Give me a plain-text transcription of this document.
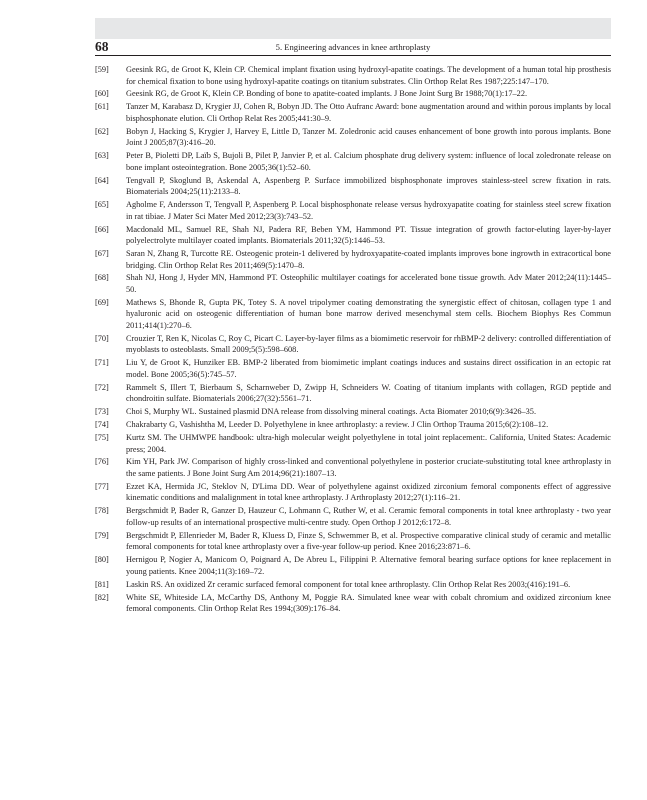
68	5. Engineering advances in knee arthroplasty
[59] Geesink RG, de Groot K, Klein CP. Chemical implant fixation using hydroxyl-apatite coatings. The development of a human total hip prosthesis for chemical fixation to bone using hydroxyl-apatite coatings on titanium substrates. Clin Orthop Relat Res 1987;225:147–170.
[60] Geesink RG, de Groot K, Klein CP. Bonding of bone to apatite-coated implants. J Bone Joint Surg Br 1988;70(1):17–22.
[61] Tanzer M, Karabasz D, Krygier JJ, Cohen R, Bobyn JD. The Otto Aufranc Award: bone augmentation around and within porous implants by local bisphosphonate elution. Cli Orthop Relat Res 2005;441:30–9.
[62] Bobyn J, Hacking S, Krygier J, Harvey E, Little D, Tanzer M. Zoledronic acid causes enhancement of bone growth into porous implants. Bone Joint J 2005;87(3):416–20.
[63] Peter B, Pioletti DP, Laïb S, Bujoli B, Pilet P, Janvier P, et al. Calcium phosphate drug delivery system: influence of local zoledronate release on bone implant osteointegration. Bone 2005;36(1):52–60.
[64] Tengvall P, Skoglund B, Askendal A, Aspenberg P. Surface immobilized bisphosphonate improves stainless-steel screw fixation in rats. Biomaterials 2004;25(11):2133–8.
[65] Agholme F, Andersson T, Tengvall P, Aspenberg P. Local bisphosphonate release versus hydroxyapatite coating for stainless steel screw fixation in rat tibiae. J Mater Sci Mater Med 2012;23(3):743–52.
[66] Macdonald ML, Samuel RE, Shah NJ, Padera RF, Beben YM, Hammond PT. Tissue integration of growth factor-eluting layer-by-layer polyelectrolyte multilayer coated implants. Biomaterials 2011;32(5):1446–53.
[67] Saran N, Zhang R, Turcotte RE. Osteogenic protein-1 delivered by hydroxyapatite-coated implants improves bone ingrowth in extracortical bone bridging. Clin Orthop Relat Res 2011;469(5):1470–8.
[68] Shah NJ, Hong J, Hyder MN, Hammond PT. Osteophilic multilayer coatings for accelerated bone tissue growth. Adv Mater 2012;24(11):1445–50.
[69] Mathews S, Bhonde R, Gupta PK, Totey S. A novel tripolymer coating demonstrating the synergistic effect of chitosan, collagen type 1 and hyaluronic acid on osteogenic differentiation of human bone marrow derived mesenchymal stem cells. Biochem Biophys Res Commun 2011;414(1):270–6.
[70] Crouzier T, Ren K, Nicolas C, Roy C, Picart C. Layer-by-layer films as a biomimetic reservoir for rhBMP-2 delivery: controlled differentiation of myoblasts to osteoblasts. Small 2009;5(5):598–608.
[71] Liu Y, de Groot K, Hunziker EB. BMP-2 liberated from biomimetic implant coatings induces and sustains direct ossification in an ectopic rat model. Bone 2005;36(5):745–57.
[72] Rammelt S, Illert T, Bierbaum S, Scharnweber D, Zwipp H, Schneiders W. Coating of titanium implants with collagen, RGD peptide and chondroitin sulfate. Biomaterials 2006;27(32):5561–71.
[73] Choi S, Murphy WL. Sustained plasmid DNA release from dissolving mineral coatings. Acta Biomater 2010;6(9):3426–35.
[74] Chakrabarty G, Vashishtha M, Leeder D. Polyethylene in knee arthroplasty: a review. J Clin Orthop Trauma 2015;6(2):108–12.
[75] Kurtz SM. The UHMWPE handbook: ultra-high molecular weight polyethylene in total joint replacement:. California, United States: Academic press; 2004.
[76] Kim YH, Park JW. Comparison of highly cross-linked and conventional polyethylene in posterior cruciate-substituting total knee arthroplasty in the same patients. J Bone Joint Surg Am 2014;96(21):1807–13.
[77] Ezzet KA, Hermida JC, Steklov N, D'Lima DD. Wear of polyethylene against oxidized zirconium femoral components effect of aggressive kinematic conditions and malalignment in total knee arthroplasty. J Arthroplasty 2012;27(1):116–21.
[78] Bergschmidt P, Bader R, Ganzer D, Hauzeur C, Lohmann C, Ruther W, et al. Ceramic femoral components in total knee arthroplasty - two year follow-up results of an international prospective multi-centre study. Open Orthop J 2012;6:172–8.
[79] Bergschmidt P, Ellenrieder M, Bader R, Kluess D, Finze S, Schwemmer B, et al. Prospective comparative clinical study of ceramic and metallic femoral components for total knee arthroplasty over a five-year follow-up period. Knee 2016;23:871–6.
[80] Hernigou P, Nogier A, Manicom O, Poignard A, De Abreu L, Filippini P. Alternative femoral bearing surface options for knee replacement in young patients. Knee 2004;11(3):169–72.
[81] Laskin RS. An oxidized Zr ceramic surfaced femoral component for total knee arthroplasty. Clin Orthop Relat Res 2003;(416):191–6.
[82] White SE, Whiteside LA, McCarthy DS, Anthony M, Poggie RA. Simulated knee wear with cobalt chromium and oxidized zirconium knee femoral components. Clin Orthop Relat Res 1994;(309):176–84.
